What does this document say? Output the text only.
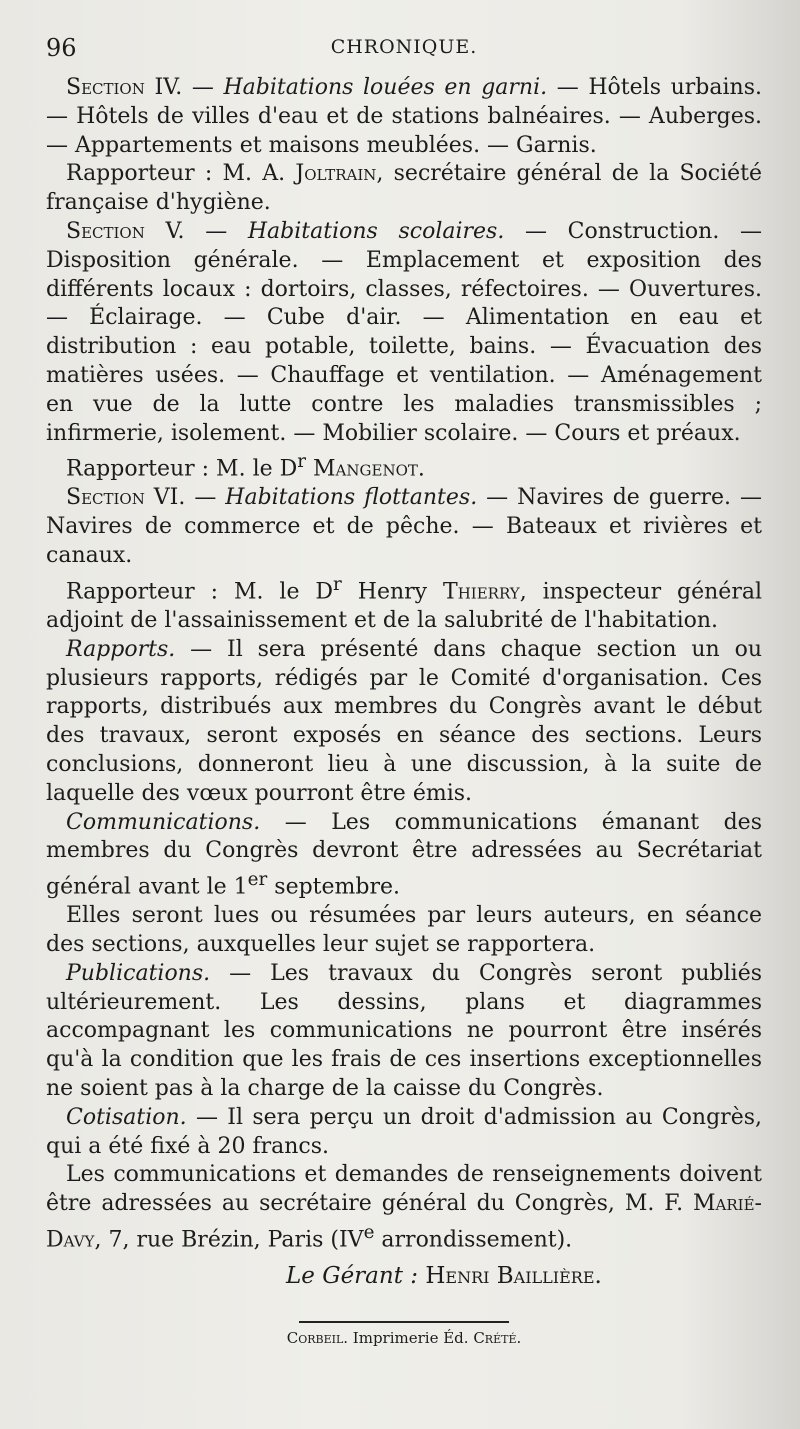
96	CHRONIQUE.

Section IV. — Habitations louées en garni. — Hôtels urbains. — Hôtels de villes d'eau et de stations balnéaires. — Auberges. — Appartements et maisons meublées. — Garnis.

Rapporteur : M. A. Joltrain, secrétaire général de la Société française d'hygiène.

Section V. — Habitations scolaires. — Construction. — Disposition générale. — Emplacement et exposition des différents locaux : dortoirs, classes, réfectoires. — Ouvertures. — Éclairage. — Cube d'air. — Alimentation en eau et distribution : eau potable, toilette, bains. — Évacuation des matières usées. — Chauffage et ventilation. — Aménagement en vue de la lutte contre les maladies transmissibles ; infirmerie, isolement. — Mobilier scolaire. — Cours et préaux.

Rapporteur : M. le $D^r$ Mangenot.

Section VI. — Habitations flottantes. — Navires de guerre. — Navires de commerce et de pêche. — Bateaux et rivières et canaux.

Rapporteur : M. le $D^r$ Henry Thierry, inspecteur général adjoint de l'assainissement et de la salubrité de l'habitation.

Rapports. — Il sera présenté dans chaque section un ou plusieurs rapports, rédigés par le Comité d'organisation. Ces rapports, distribués aux membres du Congrès avant le début des travaux, seront exposés en séance des sections. Leurs conclusions, donneront lieu à une discussion, à la suite de laquelle des vœux pourront être émis.

Communications. — Les communications émanant des membres du Congrès devront être adressées au Secrétariat général avant le 1er septembre.

Elles seront lues ou résumées par leurs auteurs, en séance des sections, auxquelles leur sujet se rapportera.

Publications. — Les travaux du Congrès seront publiés ultérieurement. Les dessins, plans et diagrammes accompagnant les communications ne pourront être insérés qu'à la condition que les frais de ces insertions exceptionnelles ne soient pas à la charge de la caisse du Congrès.

Cotisation. — Il sera perçu un droit d'admission au Congrès, qui a été fixé à 20 francs.

Les communications et demandes de renseignements doivent être adressées au secrétaire général du Congrès, M. F. Marié-Davy, 7, rue Brézin, Paris (IVe arrondissement).

Le Gérant : Henri Baillière.
Corbeil. Imprimerie Éd. Crété.
